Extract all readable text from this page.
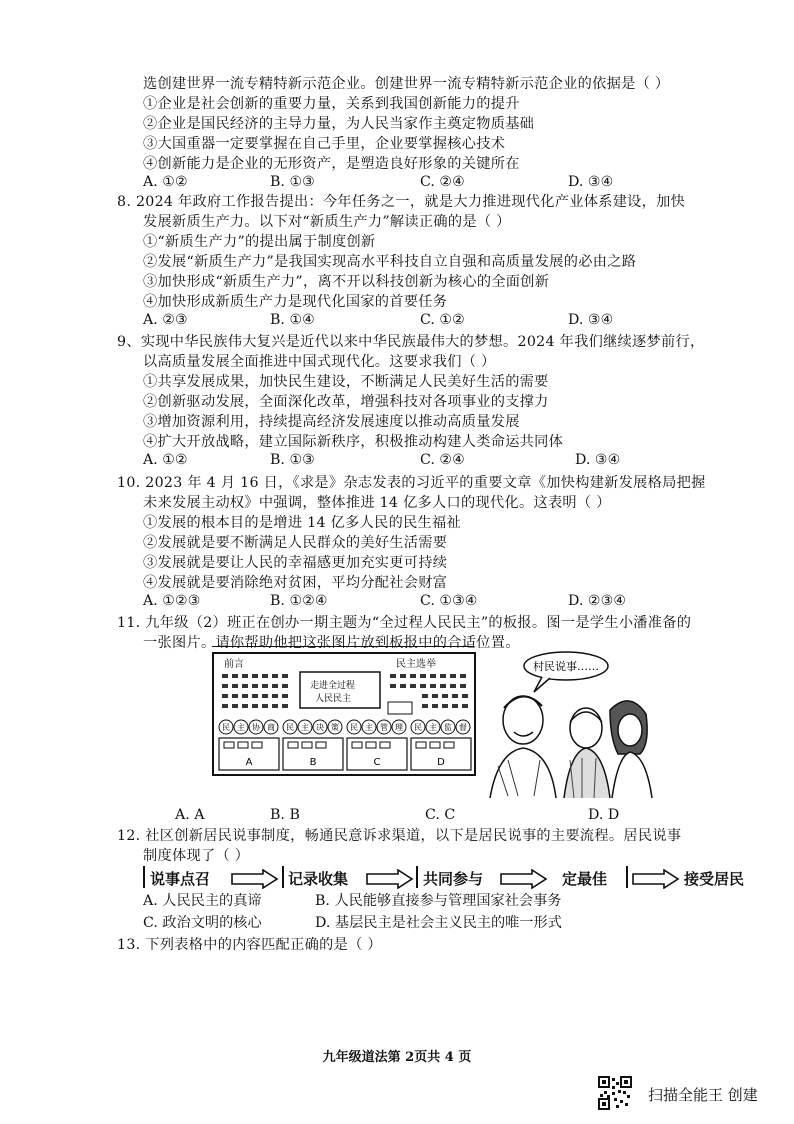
选创建世界一流专精特新示范企业。创建世界一流专精特新示范企业的依据是（ ）
①企业是社会创新的重要力量，关系到我国创新能力的提升
②企业是国民经济的主导力量，为人民当家作主奠定物质基础
③大国重器一定要掌握在自己手里，企业要掌握核心技术
④创新能力是企业的无形资产，是塑造良好形象的关键所在
A. ①②	B. ①③	C. ②④	D. ③④
8. 2024 年政府工作报告提出：今年任务之一，就是大力推进现代化产业体系建设，加快
发展新质生产力。以下对“新质生产力”解读正确的是（ ）
①“新质生产力”的提出属于制度创新
②发展“新质生产力”是我国实现高水平科技自立自强和高质量发展的必由之路
③加快形成“新质生产力”，离不开以科技创新为核心的全面创新
④加快形成新质生产力是现代化国家的首要任务
A. ②③	B. ①④	C. ①②	D. ③④
9、实现中华民族伟大复兴是近代以来中华民族最伟大的梦想。2024 年我们继续逐梦前行，
以高质量发展全面推进中国式现代化。这要求我们（ ）
①共享发展成果，加快民生建设，不断满足人民美好生活的需要
②创新驱动发展，全面深化改革，增强科技对各项事业的支撑力
③增加资源利用，持续提高经济发展速度以推动高质量发展
④扩大开放战略，建立国际新秩序，积极推动构建人类命运共同体
A. ①②	B. ①③	C. ②④	D. ③④
10. 2023 年 4 月 16 日，《求是》杂志发表的习近平的重要文章《加快构建新发展格局把握
未来发展主动权》中强调，整体推进 14 亿多人口的现代化。这表明（ ）
①发展的根本目的是增进 14 亿多人民的民生福祉
②发展就是要不断满足人民群众的美好生活需要
③发展就是要让人民的幸福感更加充实更可持续
④发展就是要消除绝对贫困，平均分配社会财富
A. ①②③	B. ①②④	C. ①③④	D. ②③④
11. 九年级（2）班正在创办一期主题为“全过程人民民主”的板报。图一是学生小潘准备的
一张图片。请你帮助他把这张图片放到板报中的合适位置。
前言	民主选举
走进全过程
人民民主
民 主 协 商 民 主 决 策 民 主 管 理 民 主 监 督
A	B	C	D
村民说事……
A. A	B. B	C. C	D. D
12. 社区创新居民说事制度，畅通民意诉求渠道，以下是居民说事的主要流程。居民说事
制度体现了（ ）
说事点召	记录收集	共同参与	定最佳	接受居民
A. 人民民主的真谛	B. 人民能够直接参与管理国家社会事务
C. 政治文明的核心	D. 基层民主是社会主义民主的唯一形式
13. 下列表格中的内容匹配正确的是（ ）
九年级道法第 2页共 4 页
扫描全能王 创建
